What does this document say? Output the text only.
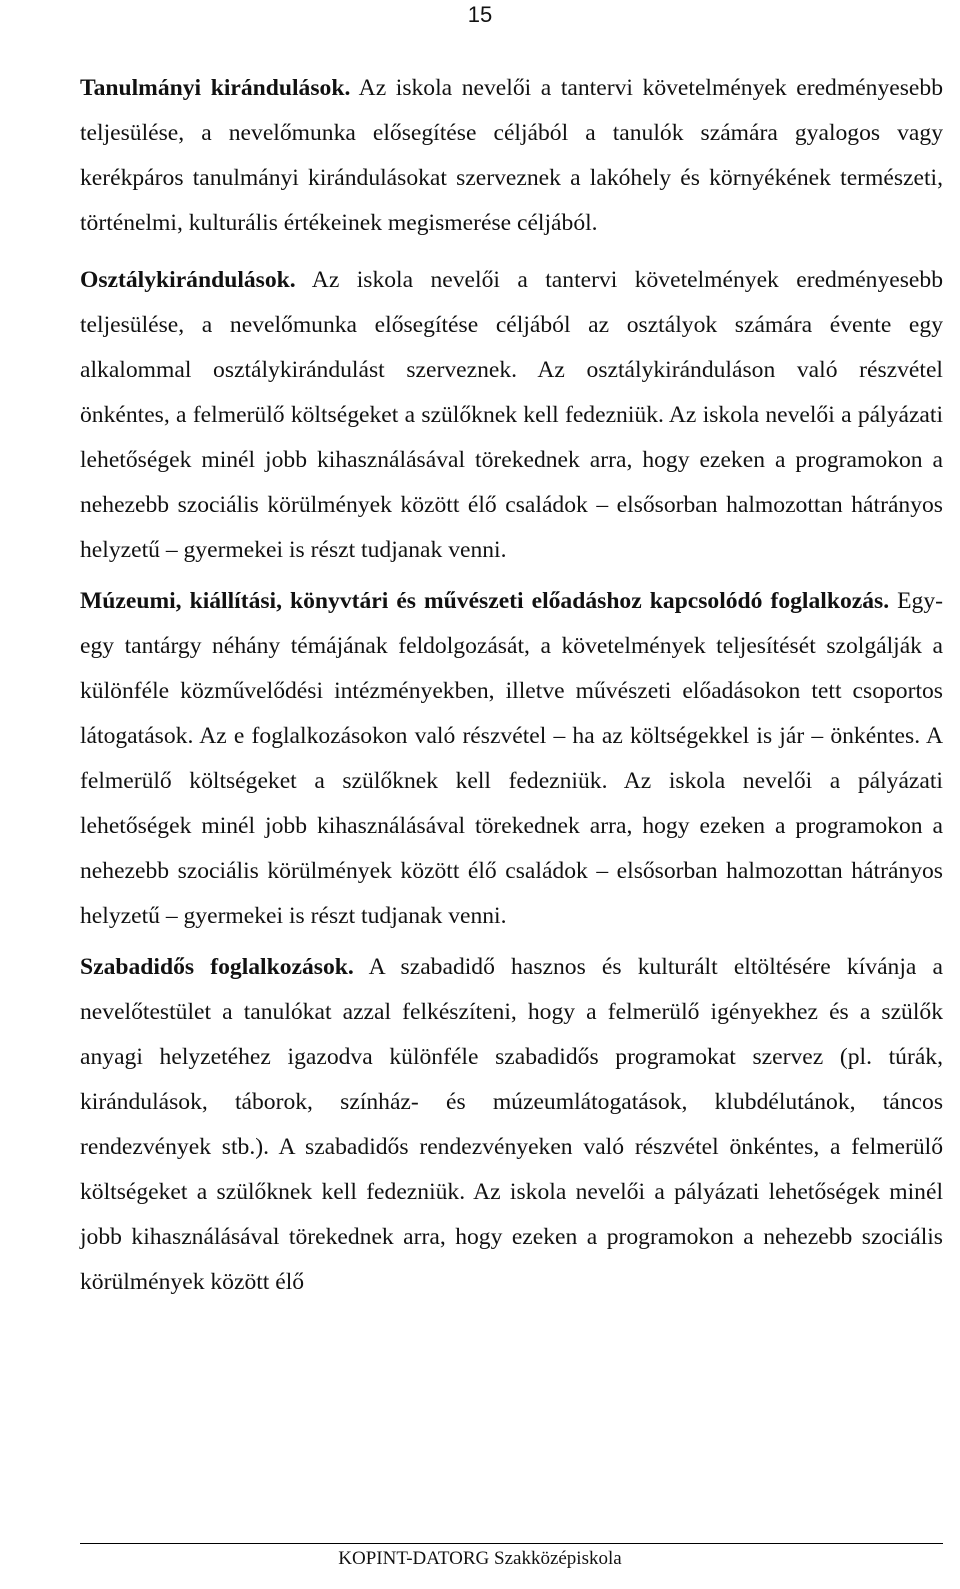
15

Tanulmányi kirándulások. Az iskola nevelői a tantervi követelmények eredményesebb teljesülése, a nevelőmunka elősegítése céljából a tanulók számára gyalogos vagy kerékpáros tanulmányi kirándulásokat szerveznek a lakóhely és környékének természeti, történelmi, kulturális értékeinek megismerése céljából.

Osztálykirándulások. Az iskola nevelői a tantervi követelmények eredményesebb teljesülése, a nevelőmunka elősegítése céljából az osztályok számára évente egy alkalommal osztálykirándulást szerveznek. Az osztálykiránduláson való részvétel önkéntes, a felmerülő költségeket a szülőknek kell fedezniük. Az iskola nevelői a pályázati lehetőségek minél jobb kihasználásával törekednek arra, hogy ezeken a programokon a nehezebb szociális körülmények között élő családok – elsősorban halmozottan hátrányos helyzetű – gyermekei is részt tudjanak venni.

Múzeumi, kiállítási, könyvtári és művészeti előadáshoz kapcsolódó foglalkozás. Egy-egy tantárgy néhány témájának feldolgozását, a követelmények teljesítését szolgálják a különféle közművelődési intézményekben, illetve művészeti előadásokon tett csoportos látogatások. Az e foglalkozásokon való részvétel – ha az költségekkel is jár – önkéntes. A felmerülő költségeket a szülőknek kell fedezniük. Az iskola nevelői a pályázati lehetőségek minél jobb kihasználásával törekednek arra, hogy ezeken a programokon a nehezebb szociális körülmények között élő családok – elsősorban halmozottan hátrányos helyzetű – gyermekei is részt tudjanak venni.

Szabadidős foglalkozások. A szabadidő hasznos és kulturált eltöltésére kívánja a nevelőtestület a tanulókat azzal felkészíteni, hogy a felmerülő igényekhez és a szülők anyagi helyzetéhez igazodva különféle szabadidős programokat szervez (pl. túrák, kirándulások, táborok, színház- és múzeumlátogatások, klubdélutánok, táncos rendezvények stb.). A szabadidős rendezvényeken való részvétel önkéntes, a felmerülő költségeket a szülőknek kell fedezniük. Az iskola nevelői a pályázati lehetőségek minél jobb kihasználásával törekednek arra, hogy ezeken a programokon a nehezebb szociális körülmények között élő

KOPINT-DATORG Szakközépiskola
